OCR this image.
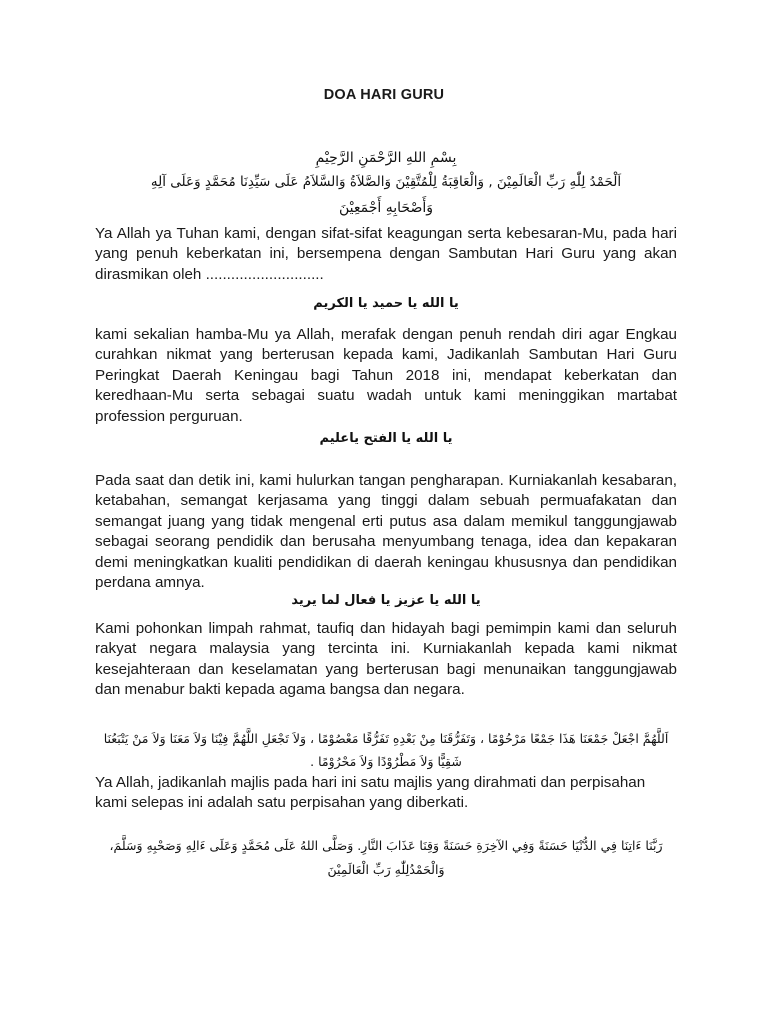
DOA HARI GURU
بِسْمِ اللهِ الرَّحْمَنِ الرَّحِيْمِ
اَلْحَمْدُ لِلّٰهِ رَبِّ الْعَالَمِيْنَ , وَالْعَاقِبَةُ لِلْمُتَّقِيْنَ وَالصَّلاَةُ وَالسَّلاَمُ عَلَى سَيِّدِنَا مُحَمَّدٍ وَعَلَى آلِهِ
وَأَصْحَابِهِ أَجْمَعِيْنَ
Ya Allah ya Tuhan kami, dengan sifat-sifat keagungan serta kebesaran-Mu, pada hari yang penuh keberkatan ini, bersempena dengan Sambutan Hari Guru yang akan dirasmikan oleh ............................
يا الله يا حميد يا الكريم
kami sekalian hamba-Mu ya Allah, merafak dengan penuh rendah diri agar Engkau curahkan nikmat yang berterusan kepada kami, Jadikanlah Sambutan Hari Guru Peringkat Daerah Keningau bagi Tahun 2018 ini, mendapat keberkatan dan keredhaan-Mu serta sebagai suatu wadah untuk kami meninggikan martabat profession perguruan.
يا الله يا الفتح ياعليم
Pada saat dan detik ini, kami hulurkan tangan pengharapan. Kurniakanlah kesabaran, ketabahan, semangat kerjasama yang tinggi dalam sebuah permuafakatan dan semangat juang yang tidak mengenal erti putus asa dalam memikul tanggungjawab sebagai seorang pendidik dan berusaha menyumbang tenaga, idea dan kepakaran demi meningkatkan kualiti pendidikan di daerah keningau khususnya dan pendidikan perdana amnya.
يا الله يا عزيز يا فعال لما يريد
Kami pohonkan limpah rahmat, taufiq dan hidayah bagi pemimpin kami dan seluruh rakyat negara malaysia yang tercinta ini. Kurniakanlah kepada kami nikmat kesejahteraan dan keselamatan yang berterusan bagi menunaikan tanggungjawab dan menabur bakti kepada agama bangsa dan negara.
اَللَّهُمَّ اجْعَلْ جَمْعَنَا هَذَا جَمْعًا مَرْحُوْمًا ، وَتَفَرُّقَنَا مِنْ بَعْدِهِ تَفَرُّقًا مَعْصُوْمًا ، وَلاَ تَجْعَلِ اللَّهُمَّ فِيْنَا وَلاَ مَعَنَا وَلاَ مَنْ يَتْبَعُنَا
شَقِيًّا وَلاَ مَطْرُوْدًا وَلاَ مَحْرُوْمًا .
Ya Allah, jadikanlah majlis pada hari ini satu majlis yang dirahmati dan perpisahan kami selepas ini adalah satu perpisahan yang diberkati.
رَبَّنَا ءَاتِنَا فِي الدُّنْيَا حَسَنَةً وَفِي الآخِرَةِ حَسَنَةً وَقِنَا عَذَابَ النَّارِ. وَصَلَّى اللهُ عَلَى مُحَمَّدٍ وَعَلَى ءَالِهِ وَصَحْبِهِ وَسَلَّمَ،
وَالْحَمْدُلِلّٰهِ رَبِّ الْعَالَمِيْنَ
